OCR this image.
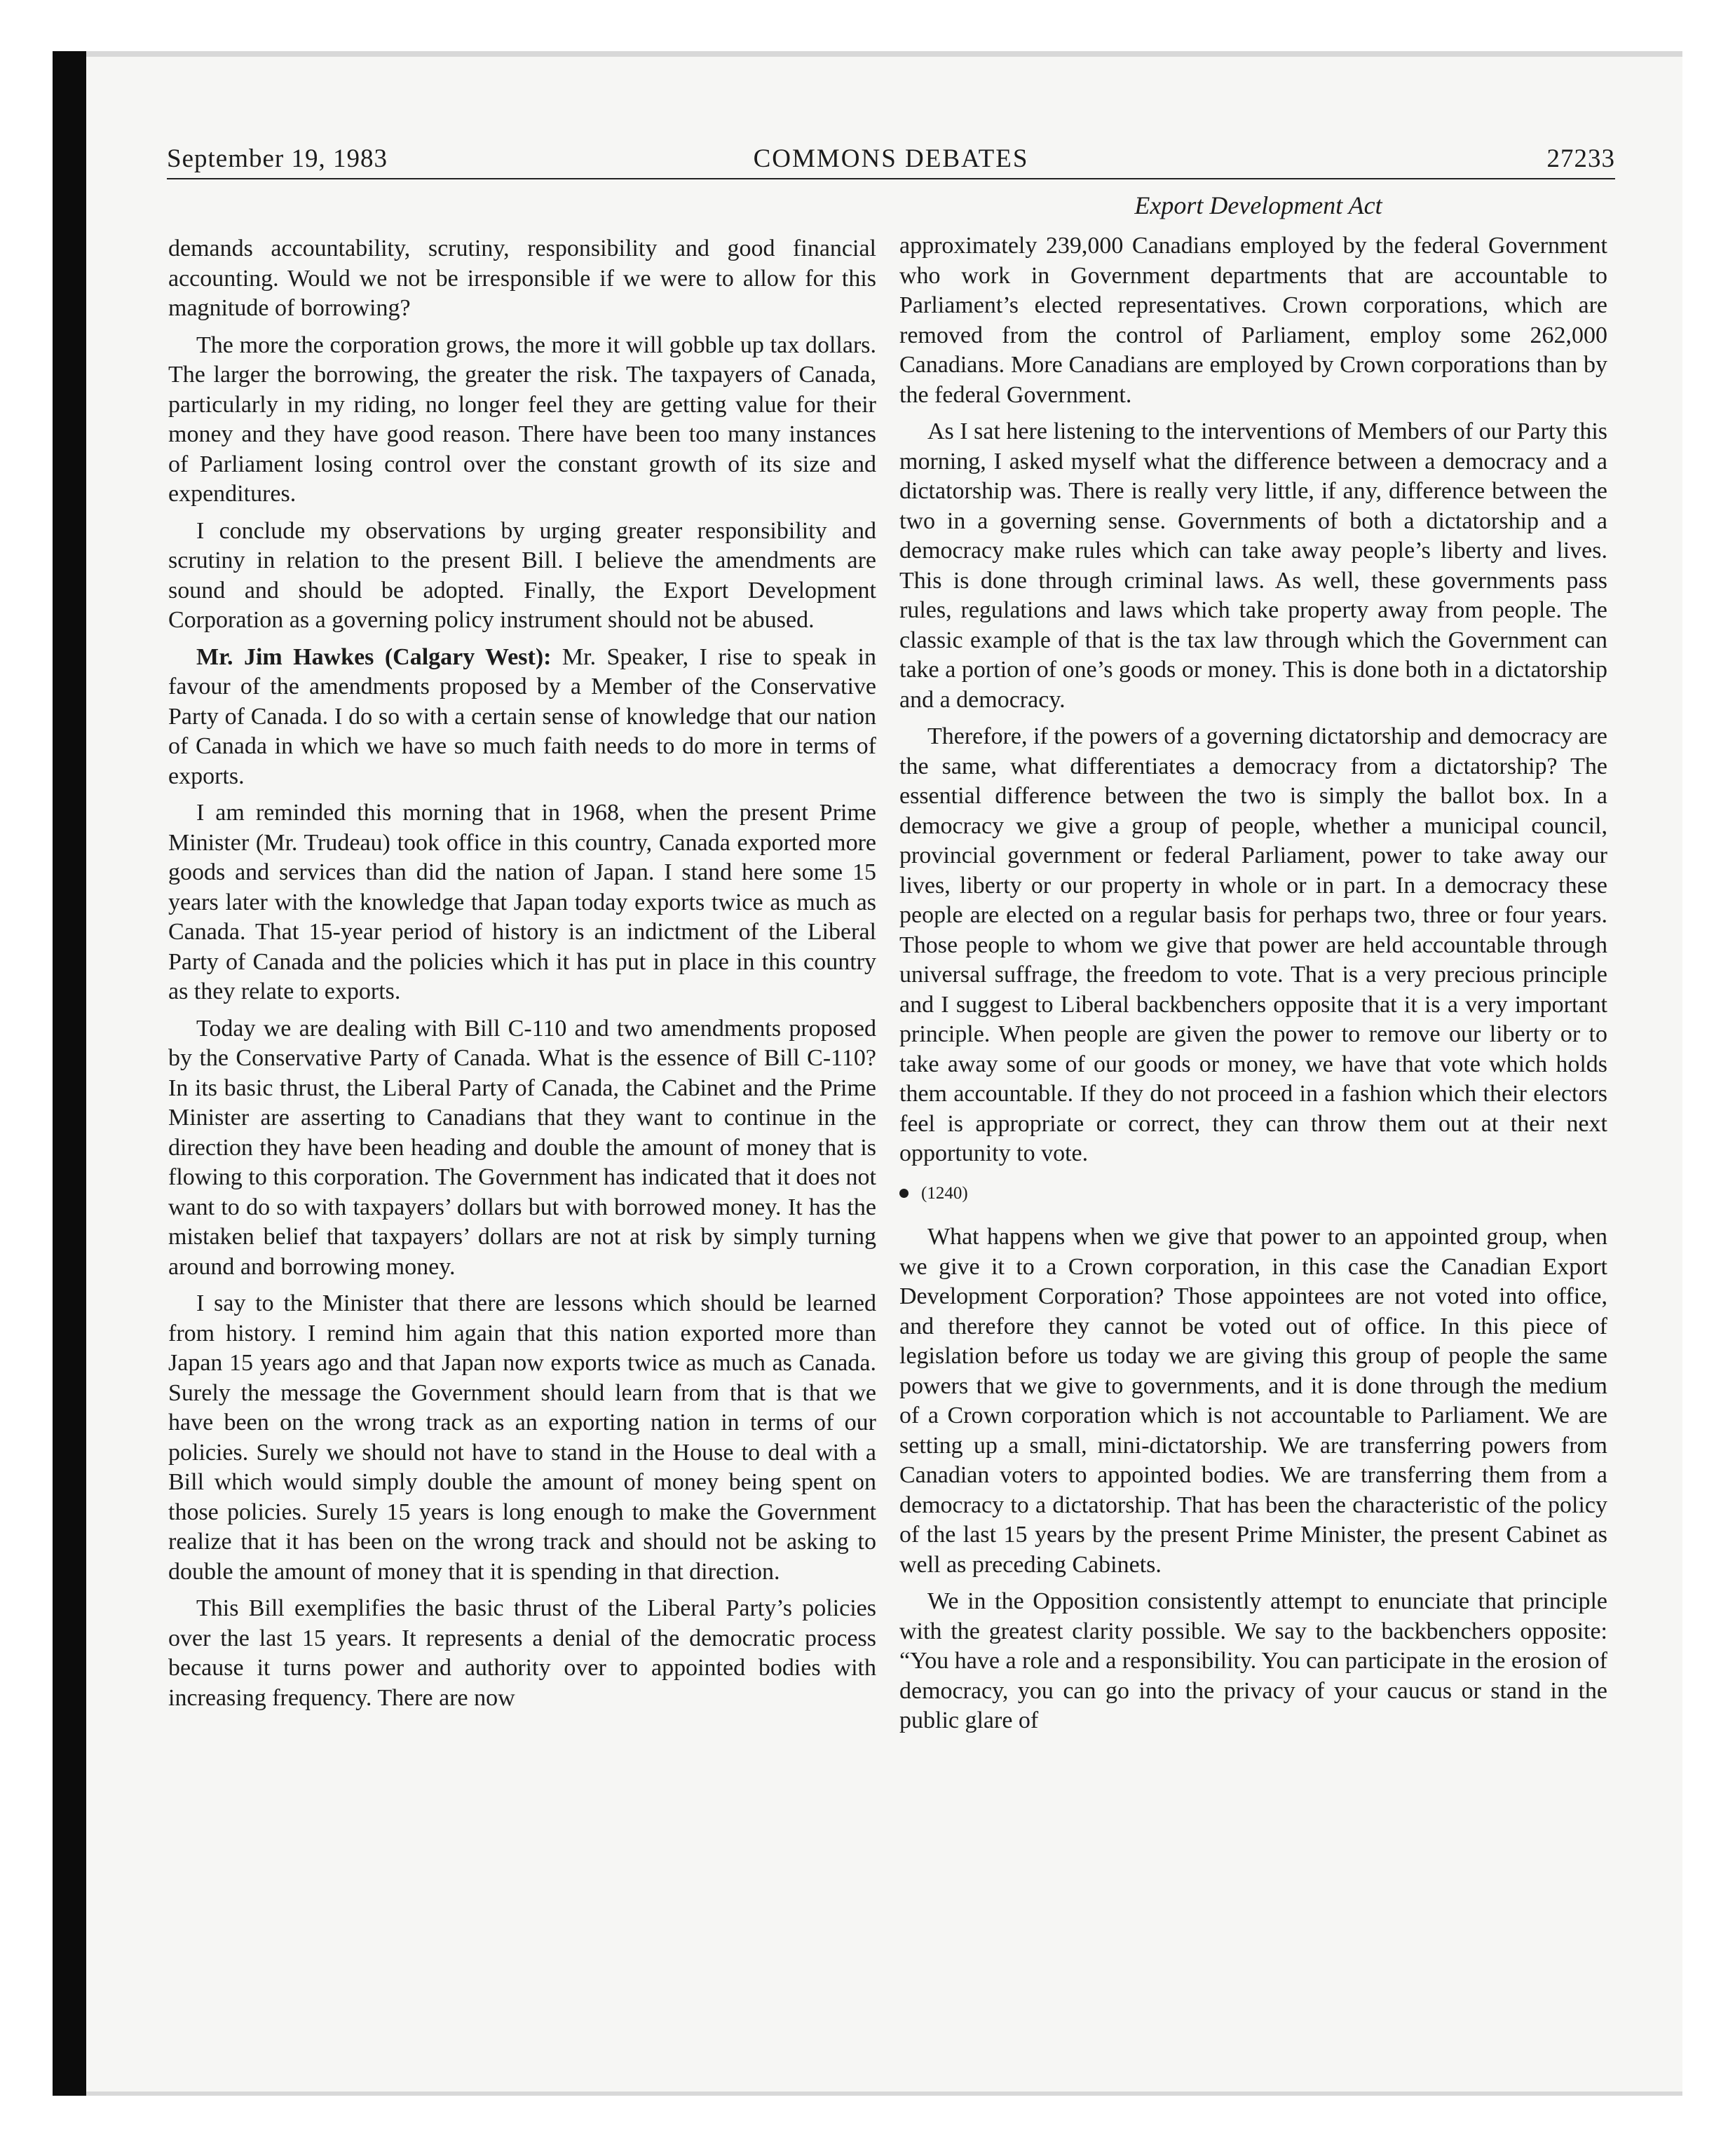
September 19, 1983	COMMONS DEBATES	27233
Export Development Act

demands accountability, scrutiny, responsibility and good financial accounting. Would we not be irresponsible if we were to allow for this magnitude of borrowing?

The more the corporation grows, the more it will gobble up tax dollars. The larger the borrowing, the greater the risk. The taxpayers of Canada, particularly in my riding, no longer feel they are getting value for their money and they have good reason. There have been too many instances of Parliament losing control over the constant growth of its size and expenditures.

I conclude my observations by urging greater responsibility and scrutiny in relation to the present Bill. I believe the amendments are sound and should be adopted. Finally, the Export Development Corporation as a governing policy instrument should not be abused.

Mr. Jim Hawkes (Calgary West): Mr. Speaker, I rise to speak in favour of the amendments proposed by a Member of the Conservative Party of Canada. I do so with a certain sense of knowledge that our nation of Canada in which we have so much faith needs to do more in terms of exports.

I am reminded this morning that in 1968, when the present Prime Minister (Mr. Trudeau) took office in this country, Canada exported more goods and services than did the nation of Japan. I stand here some 15 years later with the knowledge that Japan today exports twice as much as Canada. That 15-year period of history is an indictment of the Liberal Party of Canada and the policies which it has put in place in this country as they relate to exports.

Today we are dealing with Bill C-110 and two amendments proposed by the Conservative Party of Canada. What is the essence of Bill C-110? In its basic thrust, the Liberal Party of Canada, the Cabinet and the Prime Minister are asserting to Canadians that they want to continue in the direction they have been heading and double the amount of money that is flowing to this corporation. The Government has indicated that it does not want to do so with taxpayers’ dollars but with borrowed money. It has the mistaken belief that taxpayers’ dollars are not at risk by simply turning around and borrowing money.

I say to the Minister that there are lessons which should be learned from history. I remind him again that this nation exported more than Japan 15 years ago and that Japan now exports twice as much as Canada. Surely the message the Government should learn from that is that we have been on the wrong track as an exporting nation in terms of our policies. Surely we should not have to stand in the House to deal with a Bill which would simply double the amount of money being spent on those policies. Surely 15 years is long enough to make the Government realize that it has been on the wrong track and should not be asking to double the amount of money that it is spending in that direction.

This Bill exemplifies the basic thrust of the Liberal Party’s policies over the last 15 years. It represents a denial of the democratic process because it turns power and authority over to appointed bodies with increasing frequency. There are now

approximately 239,000 Canadians employed by the federal Government who work in Government departments that are accountable to Parliament’s elected representatives. Crown corporations, which are removed from the control of Parliament, employ some 262,000 Canadians. More Canadians are employed by Crown corporations than by the federal Government.

As I sat here listening to the interventions of Members of our Party this morning, I asked myself what the difference between a democracy and a dictatorship was. There is really very little, if any, difference between the two in a governing sense. Governments of both a dictatorship and a democracy make rules which can take away people’s liberty and lives. This is done through criminal laws. As well, these governments pass rules, regulations and laws which take property away from people. The classic example of that is the tax law through which the Government can take a portion of one’s goods or money. This is done both in a dictatorship and a democracy.

Therefore, if the powers of a governing dictatorship and democracy are the same, what differentiates a democracy from a dictatorship? The essential difference between the two is simply the ballot box. In a democracy we give a group of people, whether a municipal council, provincial government or federal Parliament, power to take away our lives, liberty or our property in whole or in part. In a democracy these people are elected on a regular basis for perhaps two, three or four years. Those people to whom we give that power are held accountable through universal suffrage, the freedom to vote. That is a very precious principle and I suggest to Liberal backbenchers opposite that it is a very important principle. When people are given the power to remove our liberty or to take away some of our goods or money, we have that vote which holds them accountable. If they do not proceed in a fashion which their electors feel is appropriate or correct, they can throw them out at their next opportunity to vote.

(1240)

What happens when we give that power to an appointed group, when we give it to a Crown corporation, in this case the Canadian Export Development Corporation? Those appointees are not voted into office, and therefore they cannot be voted out of office. In this piece of legislation before us today we are giving this group of people the same powers that we give to governments, and it is done through the medium of a Crown corporation which is not accountable to Parliament. We are setting up a small, mini-dictatorship. We are transferring powers from Canadian voters to appointed bodies. We are transferring them from a democracy to a dictatorship. That has been the characteristic of the policy of the last 15 years by the present Prime Minister, the present Cabinet as well as preceding Cabinets.

We in the Opposition consistently attempt to enunciate that principle with the greatest clarity possible. We say to the backbenchers opposite: “You have a role and a responsibility. You can participate in the erosion of democracy, you can go into the privacy of your caucus or stand in the public glare of
